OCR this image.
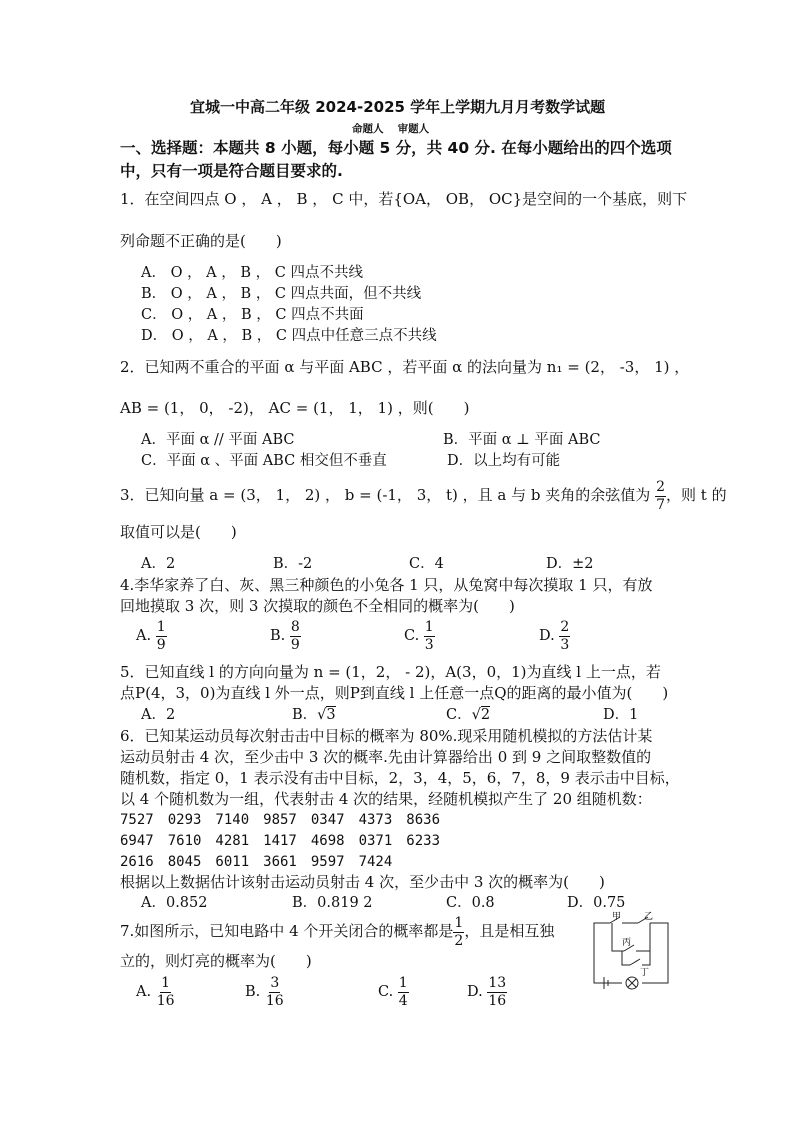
宜城一中高二年级 2024-2025 学年上学期九月月考数学试题
命题人　 审题人
一、选择题：本题共 8 小题，每小题 5 分，共 40 分. 在每小题给出的四个选项
中，只有一项是符合题目要求的.
1．在空间四点 O ， A ， B ， C 中，若{OA， OB， OC}是空间的一个基底，则下
列命题不正确的是(　　)
A． O ， A ， B ， C 四点不共线
B． O ， A ， B ， C 四点共面，但不共线
C． O ， A ， B ， C 四点不共面
D． O ， A ， B ， C 四点中任意三点不共线
2．已知两不重合的平面 α 与平面 ABC ，若平面 α 的法向量为 n₁ = (2， -3， 1) ，
AB = (1， 0， -2)， AC = (1， 1， 1) ，则(　　)
A．平面 α // 平面 ABC	B．平面 α ⊥ 平面 ABC
C．平面 α 、平面 ABC 相交但不垂直	D．以上均有可能
3．已知向量 a = (3， 1， 2) ， b = (-1， 3， t) ，且 a 与 b 夹角的余弦值为 $\frac{2}{7}$ ，则 t 的
取值可以是(　　)
A．2	B．-2	C．4	D．±2
4.李华家养了白、灰、黑三种颜色的小兔各 1 只，从兔窝中每次摸取 1 只，有放
回地摸取 3 次，则 3 次摸取的颜色不全相同的概率为(　　)
A. $\frac{1}{9}$	B. $\frac{8}{9}$	C. $\frac{1}{3}$	D. $\frac{2}{3}$
5．已知直线 l 的方向向量为 n = (1，2， - 2)，A(3，0，1)为直线 l 上一点，若
点P(4，3，0)为直线 l 外一点，则P到直线 l 上任意一点Q的距离的最小值为(　　)
A．2	B．√3	C．√2	D．1
6．已知某运动员每次射击击中目标的概率为 80%.现采用随机模拟的方法估计某
运动员射击 4 次，至少击中 3 次的概率.先由计算器给出 0 到 9 之间取整数值的
随机数，指定 0，1 表示没有击中目标，2，3，4，5，6，7，8，9 表示击中目标，
以 4 个随机数为一组，代表射击 4 次的结果，经随机模拟产生了 20 组随机数：
7527　0293　7140　9857　0347　4373　8636
6947　7610　4281　1417　4698　0371　6233
2616　8045　6011　3661　9597　7424
根据以上数据估计该射击运动员射击 4 次，至少击中 3 次的概率为(　　)
A．0.852	B．0.819 2	C．0.8	D．0.75
7.如图所示，已知电路中 4 个开关闭合的概率都是 $\frac{1}{2}$ ，且是相互独
立的，则灯亮的概率为(　　)
A. $\frac{1}{16}$	B. $\frac{3}{16}$	C. $\frac{1}{4}$	D. $\frac{13}{16}$
甲	乙
丙
丁
